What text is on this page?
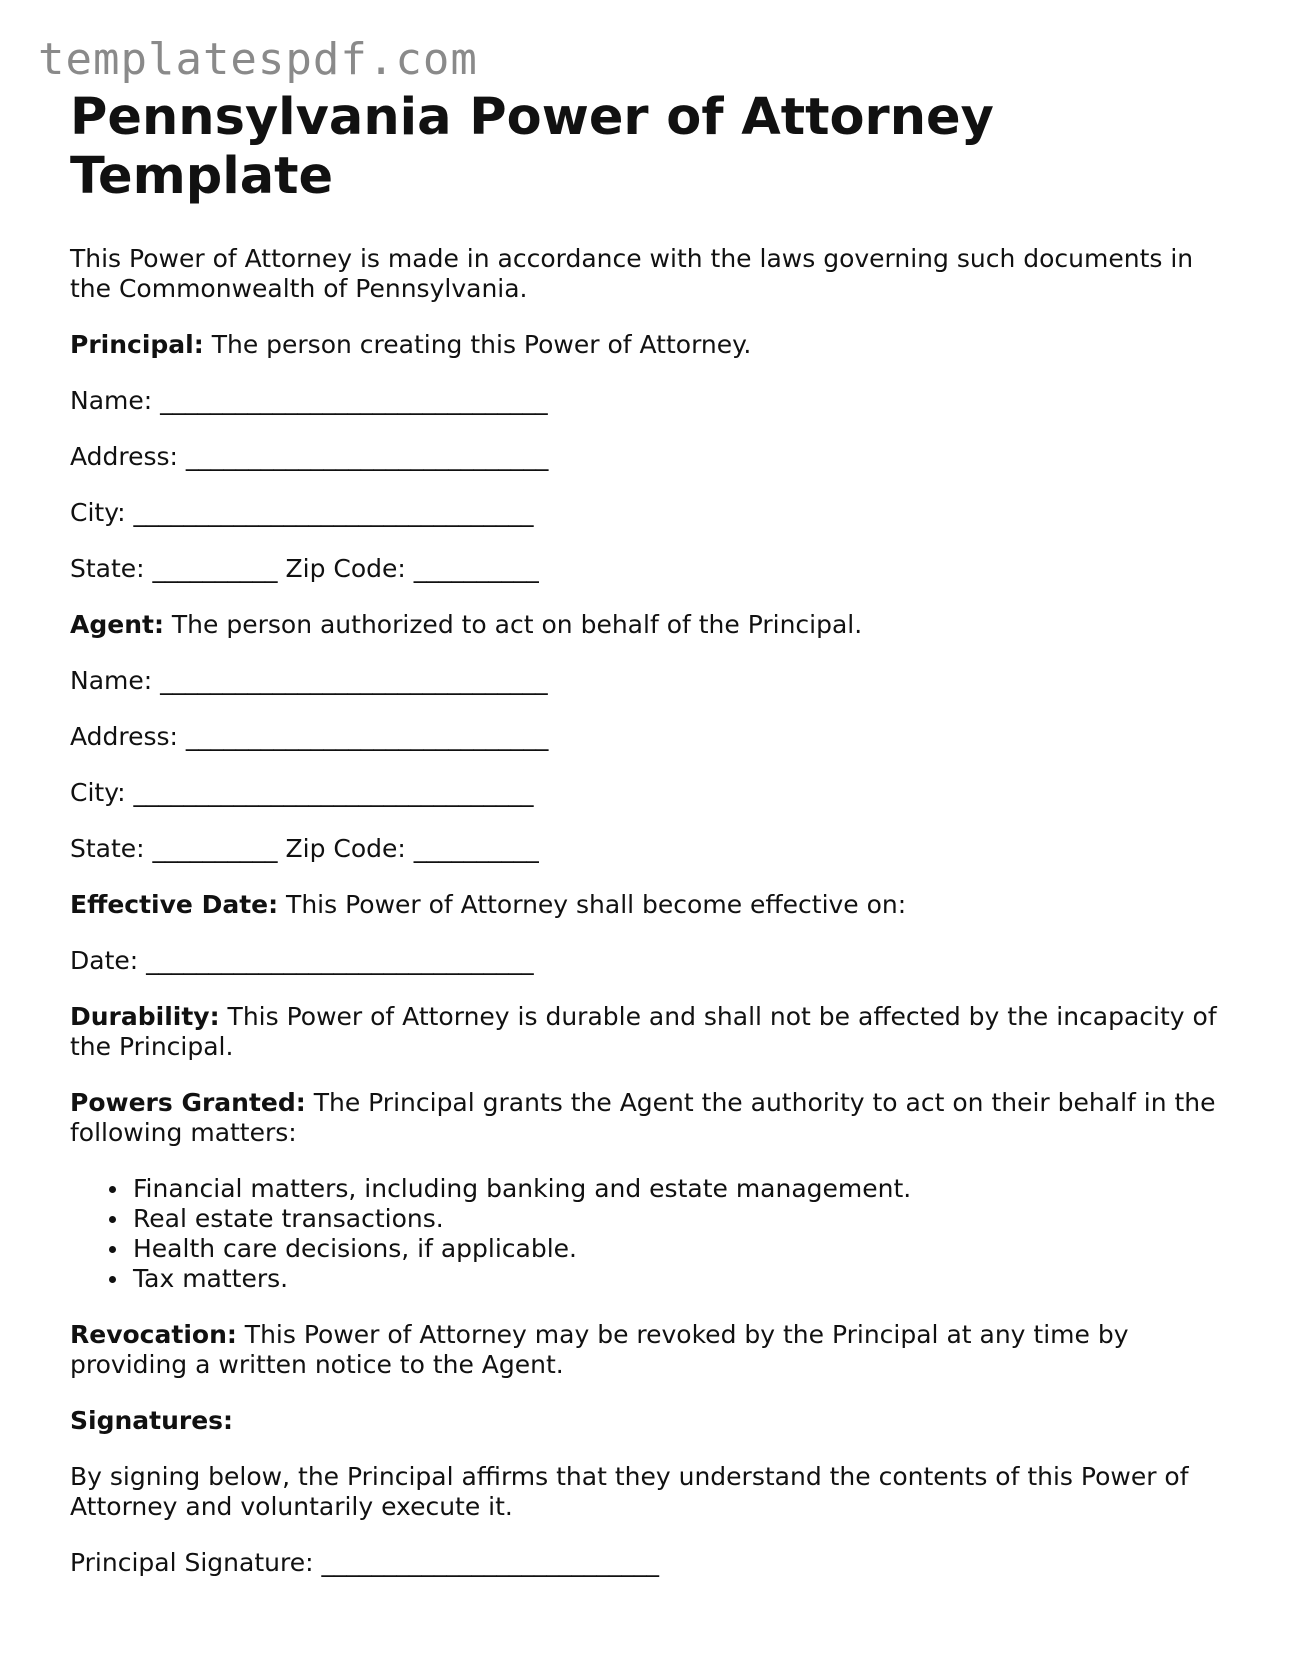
templatespdf.com
Pennsylvania Power of Attorney Template

This Power of Attorney is made in accordance with the laws governing such documents in the Commonwealth of Pennsylvania.

Principal: The person creating this Power of Attorney.

Name: _______________________________

Address: _____________________________

City: ________________________________

State: __________ Zip Code: __________

Agent: The person authorized to act on behalf of the Principal.

Name: _______________________________

Address: _____________________________

City: ________________________________

State: __________ Zip Code: __________

Effective Date: This Power of Attorney shall become effective on:

Date: _______________________________

Durability: This Power of Attorney is durable and shall not be affected by the incapacity of the Principal.

Powers Granted: The Principal grants the Agent the authority to act on their behalf in the following matters:

Financial matters, including banking and estate management.
Real estate transactions.
Health care decisions, if applicable.
Tax matters.

Revocation: This Power of Attorney may be revoked by the Principal at any time by providing a written notice to the Agent.

Signatures:

By signing below, the Principal affirms that they understand the contents of this Power of Attorney and voluntarily execute it.

Principal Signature: ___________________________
